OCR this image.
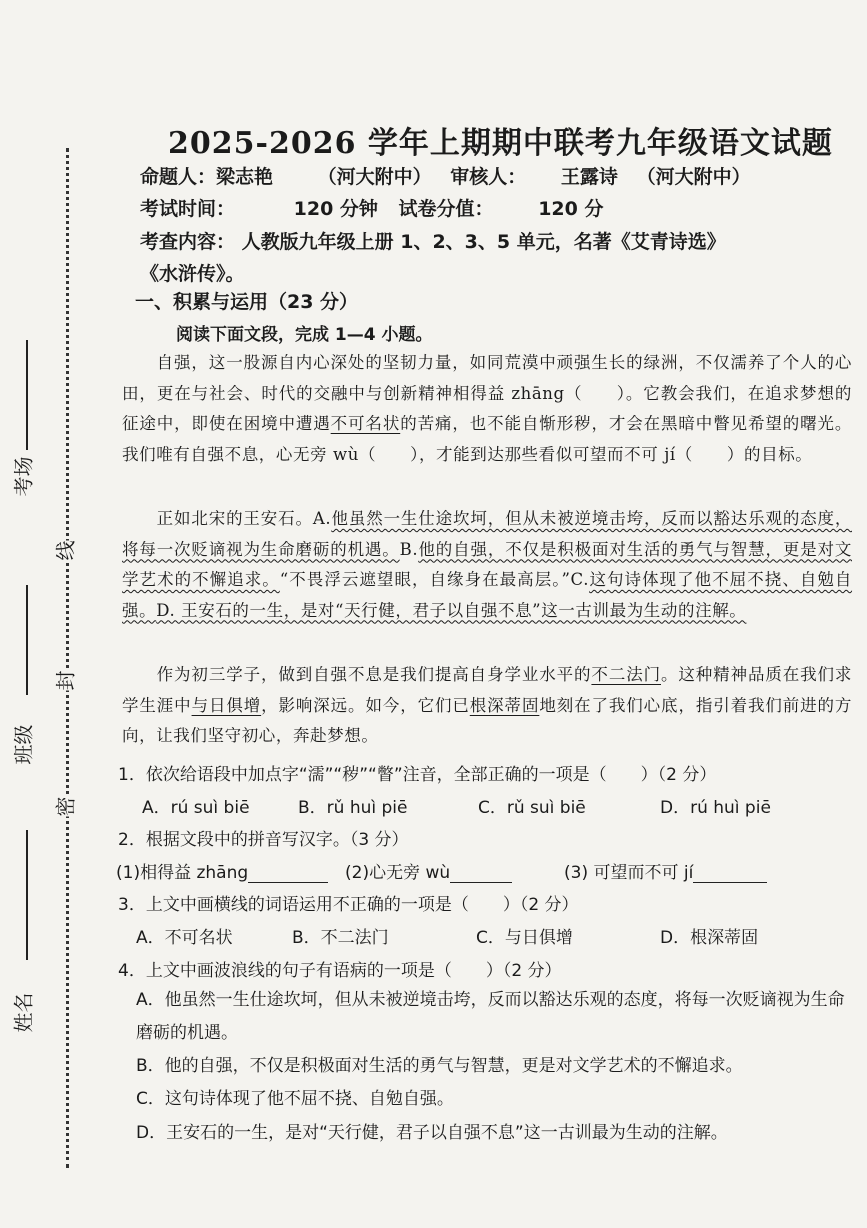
考场
班级
姓名
线
封
密
2025-2026 学年上期期中联考九年级语文试题
命题人：梁志艳 （河大附中） 审核人： 王露诗 （河大附中）
考试时间：	120 分钟 试卷分值： 120 分
考查内容： 人教版九年级上册 1、2、3、5 单元，名著《艾青诗选》
《水浒传》。
一、积累与运用（23 分）
阅读下面文段，完成 1—4 小题。

自强，这一股源自内心深处的坚韧力量，如同荒漠中顽强生长的绿洲，不仅濡养了个人的心田，更在与社会、时代的交融中与创新精神相得益 zhāng（ ）。它教会我们，在追求梦想的征途中，即使在困境中遭遇不可名状的苦痛，也不能自惭形秽，才会在黑暗中瞥见希望的曙光。我们唯有自强不息，心无旁 wù（ ），才能到达那些看似可望而不可 jí（ ）的目标。

正如北宋的王安石。A.他虽然一生仕途坎坷，但从未被逆境击垮，反而以豁达乐观的态度，将每一次贬谪视为生命磨砺的机遇。B.他的自强，不仅是积极面对生活的勇气与智慧，更是对文学艺术的不懈追求。“不畏浮云遮望眼，自缘身在最高层。”C.这句诗体现了他不屈不挠、自勉自强。D. 王安石的一生，是对“天行健，君子以自强不息”这一古训最为生动的注解。

作为初三学子，做到自强不息是我们提高自身学业水平的不二法门。这种精神品质在我们求学生涯中与日俱增，影响深远。如今，它们已根深蒂固地刻在了我们心底，指引着我们前进的方向，让我们坚守初心，奔赴梦想。

1．依次给语段中加点字“濡”“秽”“瞥”注音，全部正确的一项是（　　）（2 分）
A．rú suì biē	B．rǔ huì piē	C．rǔ suì biē	D．rú huì piē
2．根据文段中的拼音写汉字。（3 分）
(1)相得益 zhāng	(2)心无旁 wù	(3) 可望而不可 jí
3．上文中画横线的词语运用不正确的一项是（　　）（2 分）
A．不可名状	B．不二法门	C．与日俱增	D．根深蒂固
4．上文中画波浪线的句子有语病的一项是（　　）（2 分）
A．他虽然一生仕途坎坷，但从未被逆境击垮，反而以豁达乐观的态度，将每一次贬谪视为生命磨砺的机遇。
B．他的自强，不仅是积极面对生活的勇气与智慧，更是对文学艺术的不懈追求。
C．这句诗体现了他不屈不挠、自勉自强。
D．王安石的一生，是对“天行健，君子以自强不息”这一古训最为生动的注解。
